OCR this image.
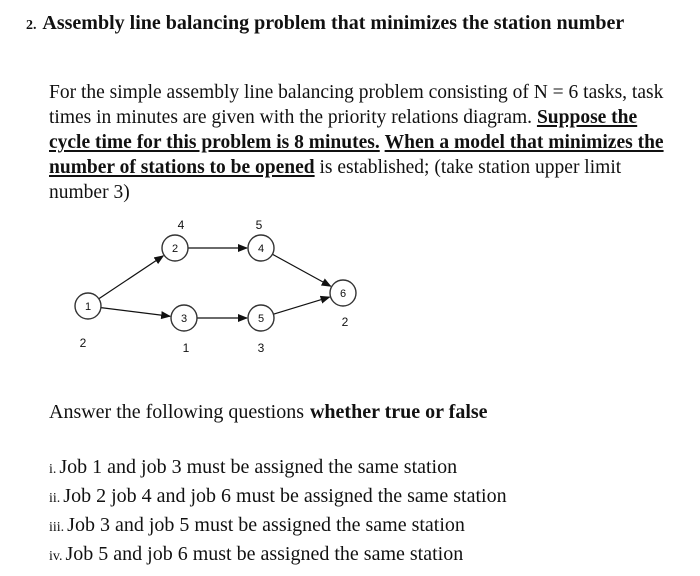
2. Assembly line balancing problem that minimizes the station number
For the simple assembly line balancing problem consisting of N = 6 tasks, task times in minutes are given with the priority relations diagram. Suppose the cycle time for this problem is 8 minutes. When a model that minimizes the number of stations to be opened is established; (take station upper limit number 3)
1
2
2
4
3
1
4
5
5
3
6
2
Answer the following questions whether true or false
i. Job 1 and job 3 must be assigned the same station
ii. Job 2 job 4 and job 6 must be assigned the same station
iii. Job 3 and job 5 must be assigned the same station
iv. Job 5 and job 6 must be assigned the same station
